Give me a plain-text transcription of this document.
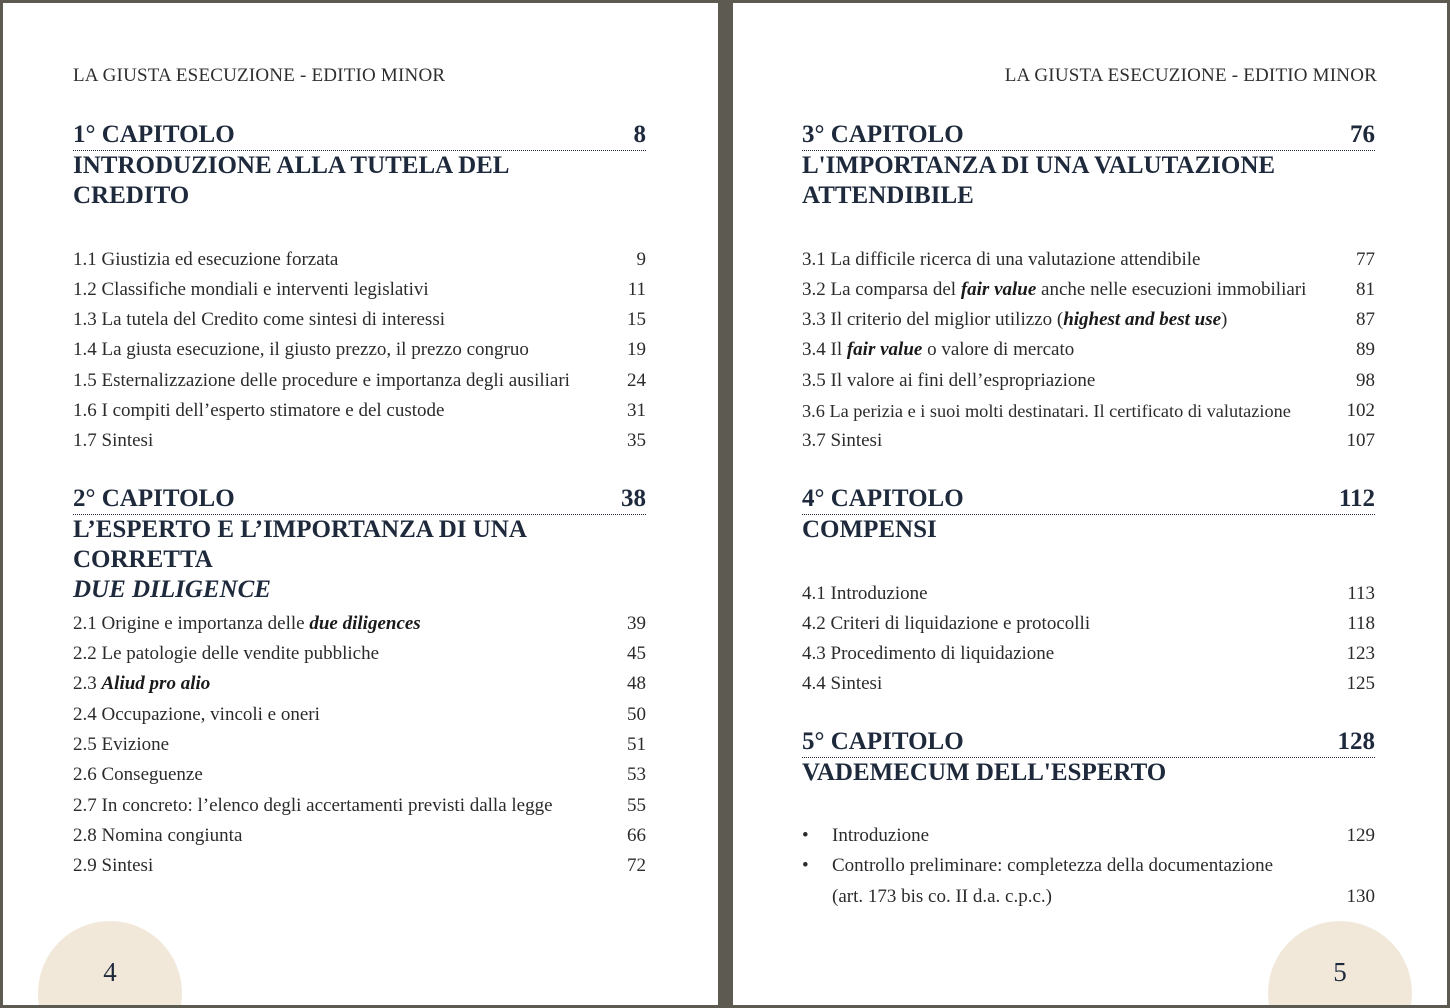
LA GIUSTA ESECUZIONE - EDITIO MINOR
1° CAPITOLO	8
INTRODUZIONE ALLA TUTELA DEL
CREDITO
1.1 Giustizia ed esecuzione forzata	9
1.2 Classifiche mondiali e interventi legislativi	11
1.3 La tutela del Credito come sintesi di interessi	15
1.4 La giusta esecuzione, il giusto prezzo, il prezzo congruo	19
1.5 Esternalizzazione delle procedure e importanza degli ausiliari	24
1.6 I compiti dell’esperto stimatore e del custode	31
1.7 Sintesi	35
2° CAPITOLO	38
L’ESPERTO E L’IMPORTANZA DI UNA CORRETTA
DUE DILIGENCE
2.1 Origine e importanza delle due diligences	39
2.2 Le patologie delle vendite pubbliche	45
2.3 Aliud pro alio	48
2.4 Occupazione, vincoli e oneri	50
2.5 Evizione	51
2.6 Conseguenze	53
2.7 In concreto: l’elenco degli accertamenti previsti dalla legge	55
2.8 Nomina congiunta	66
2.9 Sintesi	72
4
LA GIUSTA ESECUZIONE - EDITIO MINOR
3° CAPITOLO	76
L'IMPORTANZA DI UNA VALUTAZIONE
ATTENDIBILE
3.1 La difficile ricerca di una valutazione attendibile	77
3.2 La comparsa del fair value anche nelle esecuzioni immobiliari	81
3.3 Il criterio del miglior utilizzo (highest and best use)	87
3.4 Il fair value o valore di mercato	89
3.5 Il valore ai fini dell’espropriazione	98
3.6 La perizia e i suoi molti destinatari. Il certificato di valutazione	102
3.7 Sintesi	107
4° CAPITOLO	112
COMPENSI
4.1 Introduzione	113
4.2 Criteri di liquidazione e protocolli	118
4.3 Procedimento di liquidazione	123
4.4 Sintesi	125
5° CAPITOLO	128
VADEMECUM DELL'ESPERTO
• Introduzione	129
• Controllo preliminare: completezza della documentazione
(art. 173 bis co. II d.a. c.p.c.)	130
5
